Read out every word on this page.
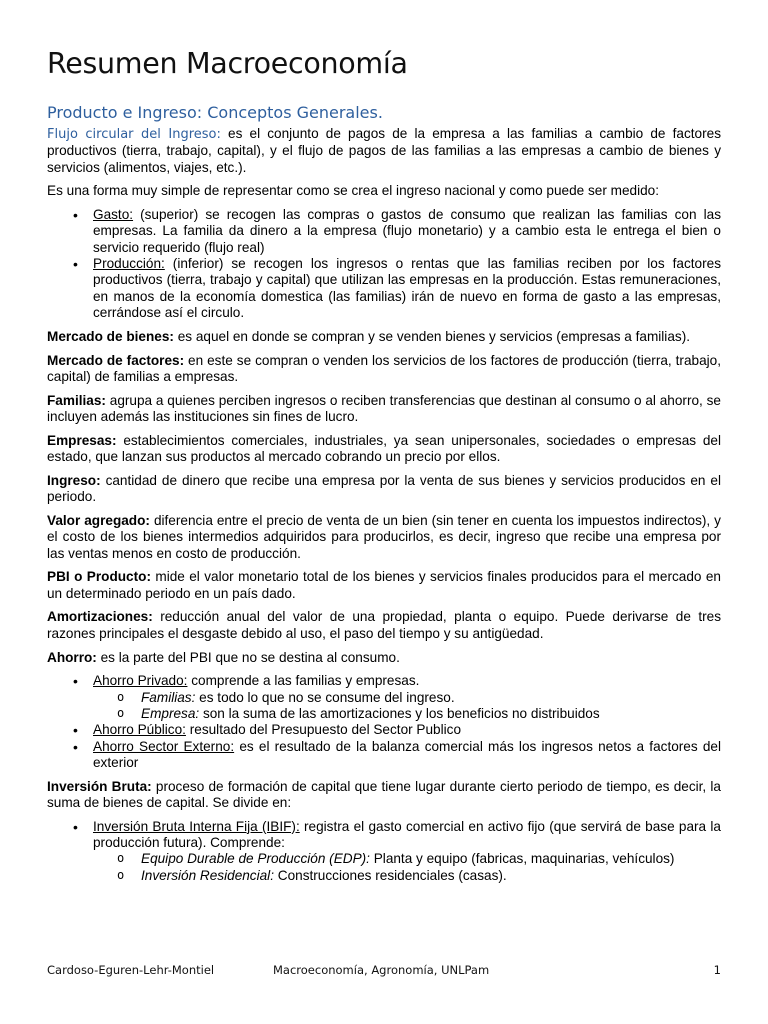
Resumen Macroeconomía
Producto e Ingreso: Conceptos Generales.

Flujo circular del Ingreso: es el conjunto de pagos de la empresa a las familias a cambio de factores productivos (tierra, trabajo, capital), y el flujo de pagos de las familias a las empresas a cambio de bienes y servicios (alimentos, viajes, etc.).

Es una forma muy simple de representar como se crea el ingreso nacional y como puede ser medido:

• Gasto: (superior) se recogen las compras o gastos de consumo que realizan las familias con las empresas. La familia da dinero a la empresa (flujo monetario) y a cambio esta le entrega el bien o servicio requerido (flujo real)
• Producción: (inferior) se recogen los ingresos o rentas que las familias reciben por los factores productivos (tierra, trabajo y capital) que utilizan las empresas en la producción. Estas remuneraciones, en manos de la economía domestica (las familias) irán de nuevo en forma de gasto a las empresas, cerrándose así el circulo.

Mercado de bienes: es aquel en donde se compran y se venden bienes y servicios (empresas a familias).

Mercado de factores: en este se compran o venden los servicios de los factores de producción (tierra, trabajo, capital) de familias a empresas.

Familias: agrupa a quienes perciben ingresos o reciben transferencias que destinan al consumo o al ahorro, se incluyen además las instituciones sin fines de lucro.

Empresas: establecimientos comerciales, industriales, ya sean unipersonales, sociedades o empresas del estado, que lanzan sus productos al mercado cobrando un precio por ellos.

Ingreso: cantidad de dinero que recibe una empresa por la venta de sus bienes y servicios producidos en el periodo.

Valor agregado: diferencia entre el precio de venta de un bien (sin tener en cuenta los impuestos indirectos), y el costo de los bienes intermedios adquiridos para producirlos, es decir, ingreso que recibe una empresa por las ventas menos en costo de producción.

PBI o Producto: mide el valor monetario total de los bienes y servicios finales producidos para el mercado en un determinado periodo en un país dado.

Amortizaciones: reducción anual del valor de una propiedad, planta o equipo. Puede derivarse de tres razones principales el desgaste debido al uso, el paso del tiempo y su antigüedad.

Ahorro: es la parte del PBI que no se destina al consumo.

• Ahorro Privado: comprende a las familias y empresas.
o Familias: es todo lo que no se consume del ingreso.
o Empresa: son la suma de las amortizaciones y los beneficios no distribuidos
• Ahorro Público: resultado del Presupuesto del Sector Publico
• Ahorro Sector Externo: es el resultado de la balanza comercial más los ingresos netos a factores del exterior

Inversión Bruta: proceso de formación de capital que tiene lugar durante cierto periodo de tiempo, es decir, la suma de bienes de capital. Se divide en:

• Inversión Bruta Interna Fija (IBIF): registra el gasto comercial en activo fijo (que servirá de base para la producción futura). Comprende:
o Equipo Durable de Producción (EDP): Planta y equipo (fabricas, maquinarias, vehículos)
o Inversión Residencial: Construcciones residenciales (casas).
Cardoso-Eguren-Lehr-Montiel	Macroeconomía, Agronomía, UNLPam	1
